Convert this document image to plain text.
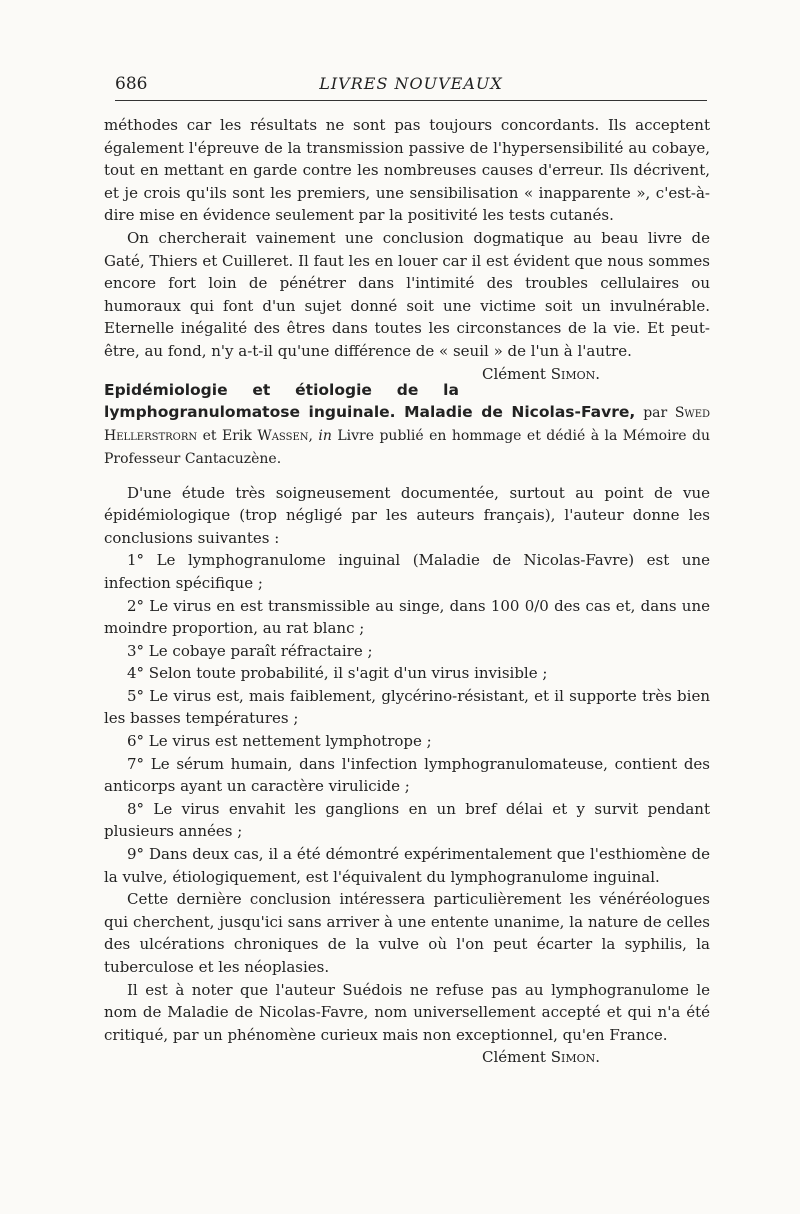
686	LIVRES NOUVEAUX

méthodes car les résultats ne sont pas toujours concordants. Ils acceptent également l'épreuve de la transmission passive de l'hypersensibilité au cobaye, tout en mettant en garde contre les nombreuses causes d'erreur. Ils décrivent, et je crois qu'ils sont les premiers, une sensibilisation « inapparente », c'est-à-dire mise en évidence seulement par la positivité les tests cutanés.

On chercherait vainement une conclusion dogmatique au beau livre de Gaté, Thiers et Cuilleret. Il faut les en louer car il est évident que nous sommes encore fort loin de pénétrer dans l'intimité des troubles cellulaires ou humoraux qui font d'un sujet donné soit une victime soit un invulnérable. Eternelle inégalité des êtres dans toutes les circonstances de la vie. Et peut-être, au fond, n'y a-t-il qu'une différence de « seuil » de l'un à l'autre.
Clément Simon.

Epidémiologie et étiologie de la lymphogranulomatose inguinale. Maladie de Nicolas-Favre, par Swed Hellerstrorn et Erik Wassen, in Livre publié en hommage et dédié à la Mémoire du Professeur Cantacuzène.

D'une étude très soigneusement documentée, surtout au point de vue épidémiologique (trop négligé par les auteurs français), l'auteur donne les conclusions suivantes :

1° Le lymphogranulome inguinal (Maladie de Nicolas-Favre) est une infection spécifique ;

2° Le virus en est transmissible au singe, dans 100 0/0 des cas et, dans une moindre proportion, au rat blanc ;

3° Le cobaye paraît réfractaire ;

4° Selon toute probabilité, il s'agit d'un virus invisible ;

5° Le virus est, mais faiblement, glycérino-résistant, et il supporte très bien les basses températures ;

6° Le virus est nettement lymphotrope ;

7° Le sérum humain, dans l'infection lymphogranulomateuse, contient des anticorps ayant un caractère virulicide ;

8° Le virus envahit les ganglions en un bref délai et y survit pendant plusieurs années ;

9° Dans deux cas, il a été démontré expérimentalement que l'esthiomène de la vulve, étiologiquement, est l'équivalent du lymphogranulome inguinal.

Cette dernière conclusion intéressera particulièrement les vénéréologues qui cherchent, jusqu'ici sans arriver à une entente unanime, la nature de celles des ulcérations chroniques de la vulve où l'on peut écarter la syphilis, la tuberculose et les néoplasies.

Il est à noter que l'auteur Suédois ne refuse pas au lymphogranulome le nom de Maladie de Nicolas-Favre, nom universellement accepté et qui n'a été critiqué, par un phénomène curieux mais non exceptionnel, qu'en France.
Clément Simon.
